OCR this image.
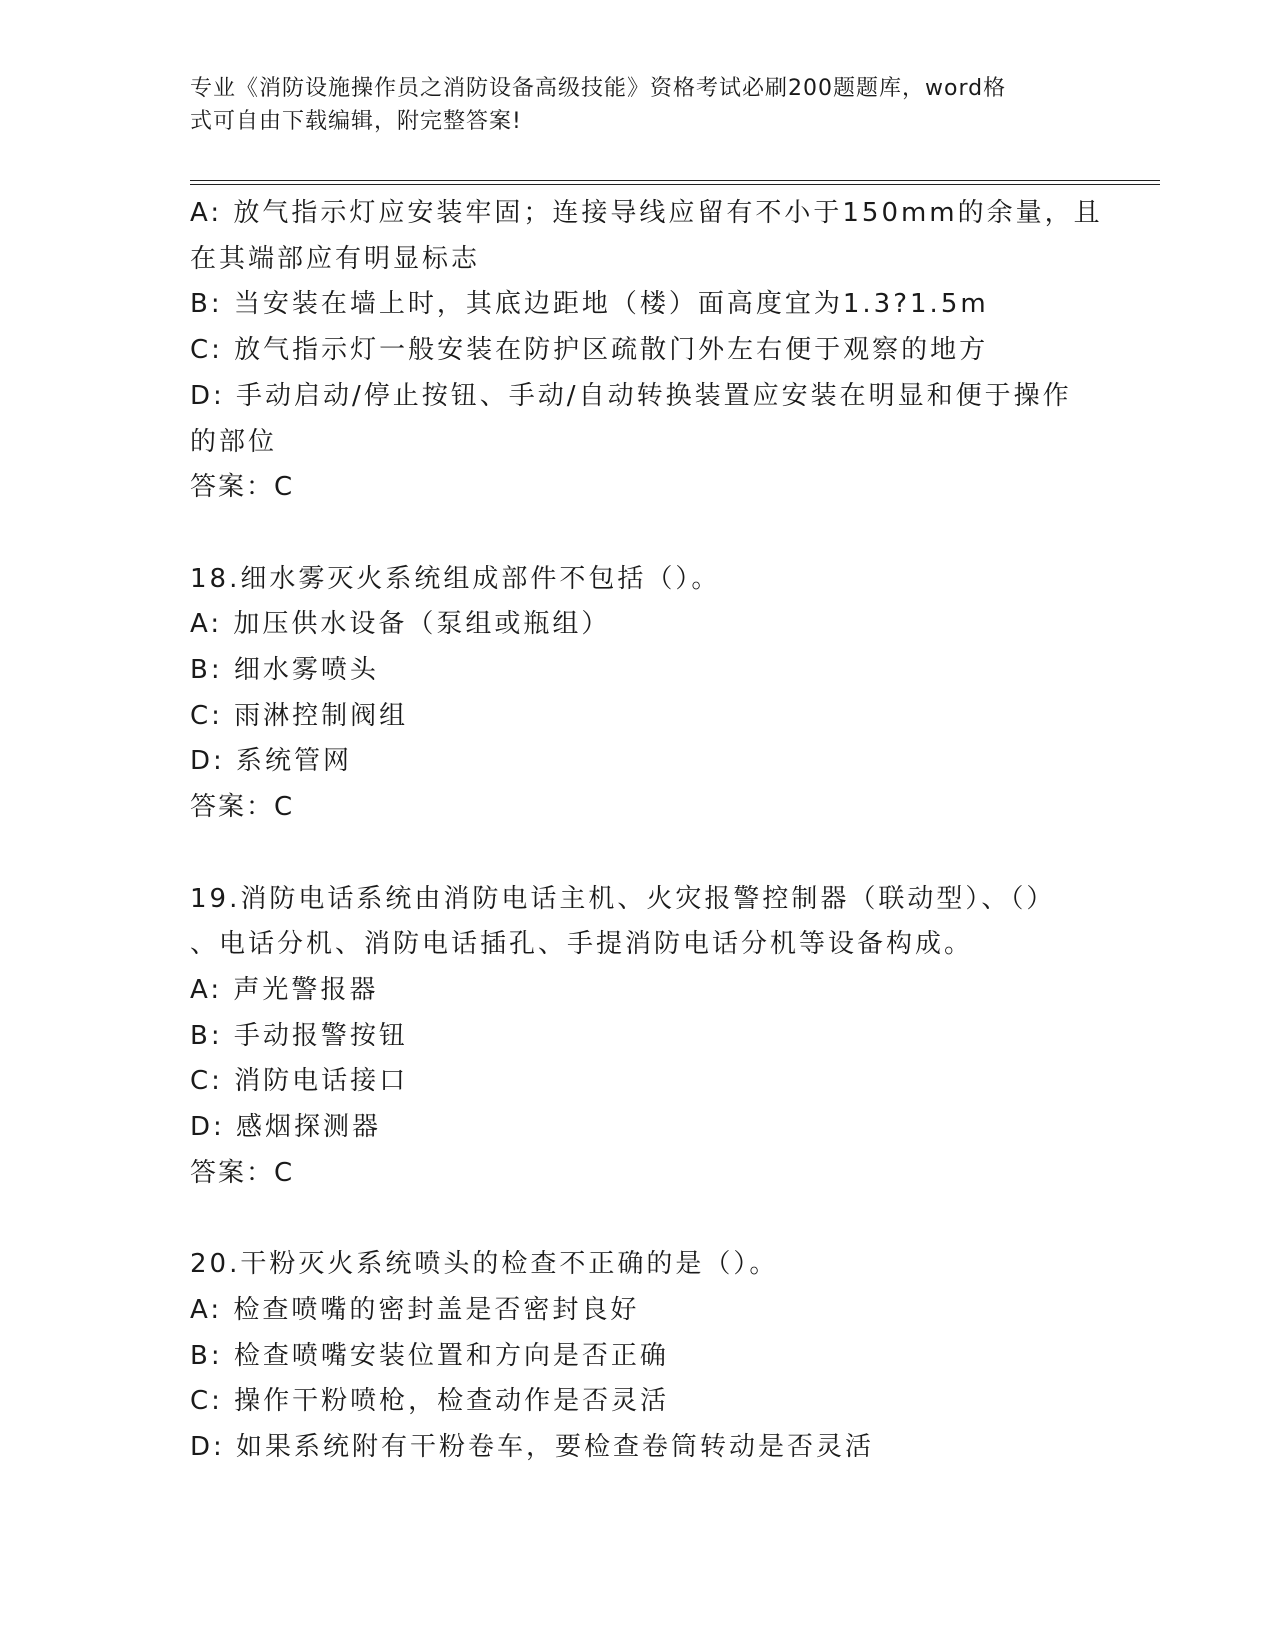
专业《消防设施操作员之消防设备高级技能》资格考试必刷200题题库，word格
式可自由下载编辑，附完整答案!
A: 放气指示灯应安装牢固；连接导线应留有不小于150mm的余量，且
在其端部应有明显标志
B: 当安装在墙上时，其底边距地（楼）面高度宜为1.3?1.5m
C: 放气指示灯一般安装在防护区疏散门外左右便于观察的地方
D: 手动启动/停止按钮、手动/自动转换装置应安装在明显和便于操作
的部位
答案：C
18.细水雾灭火系统组成部件不包括（）。
A: 加压供水设备（泵组或瓶组）
B: 细水雾喷头
C: 雨淋控制阀组
D: 系统管网
答案：C
19.消防电话系统由消防电话主机、火灾报警控制器（联动型）、（）
、电话分机、消防电话插孔、手提消防电话分机等设备构成。
A: 声光警报器
B: 手动报警按钮
C: 消防电话接口
D: 感烟探测器
答案：C
20.干粉灭火系统喷头的检查不正确的是（）。
A: 检查喷嘴的密封盖是否密封良好
B: 检查喷嘴安装位置和方向是否正确
C: 操作干粉喷枪，检查动作是否灵活
D: 如果系统附有干粉卷车，要检查卷筒转动是否灵活
